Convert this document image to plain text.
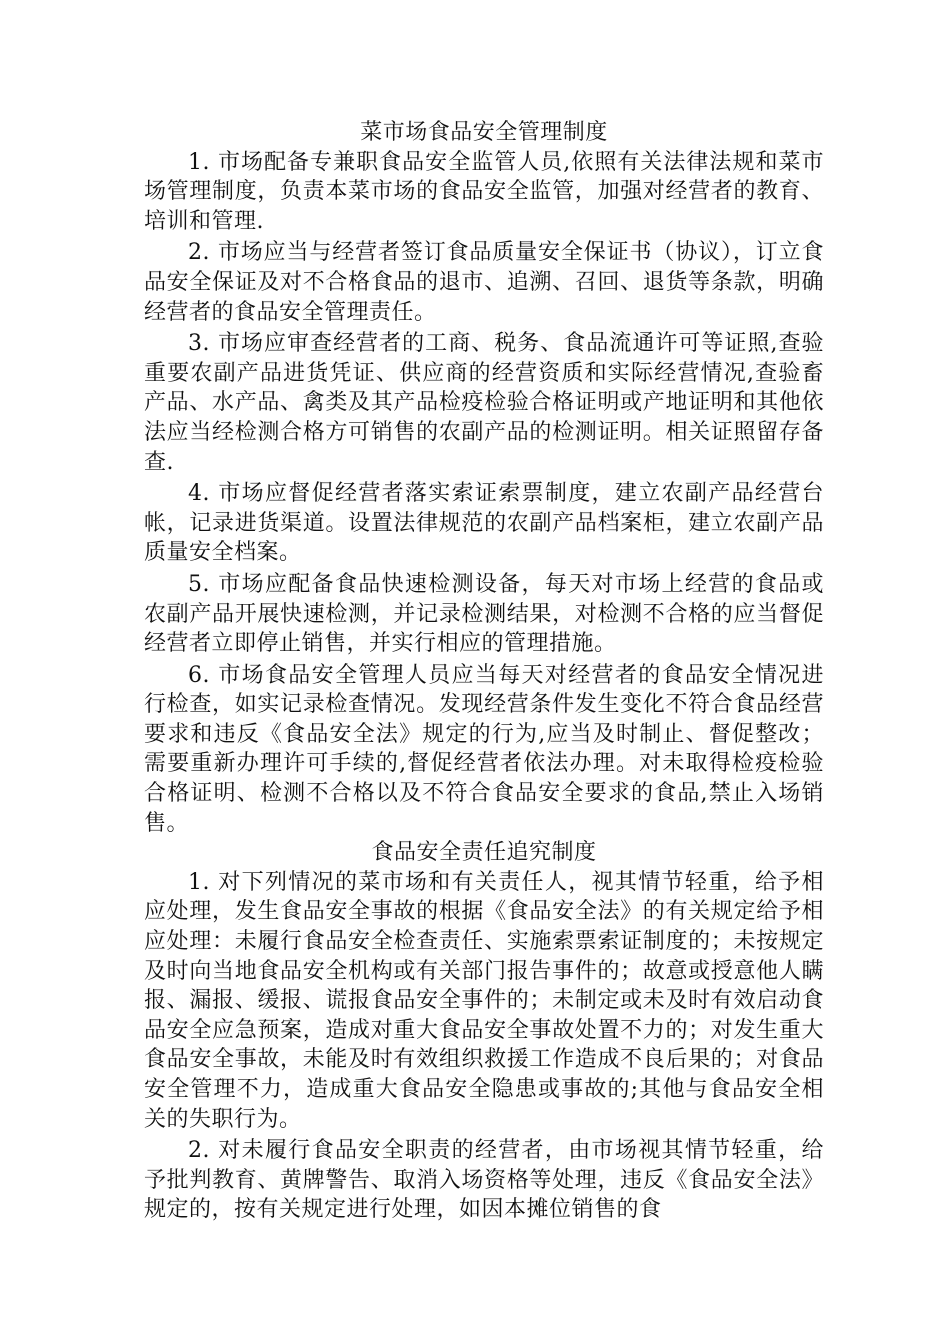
菜市场食品安全管理制度

1. 市场配备专兼职食品安全监管人员,依照有关法律法规和菜市场管理制度，负责本菜市场的食品安全监管，加强对经营者的教育、培训和管理.

2. 市场应当与经营者签订食品质量安全保证书（协议），订立食品安全保证及对不合格食品的退市、追溯、召回、退货等条款，明确经营者的食品安全管理责任。

3. 市场应审查经营者的工商、税务、食品流通许可等证照,查验重要农副产品进货凭证、供应商的经营资质和实际经营情况,查验畜产品、水产品、禽类及其产品检疫检验合格证明或产地证明和其他依法应当经检测合格方可销售的农副产品的检测证明。相关证照留存备查.

4. 市场应督促经营者落实索证索票制度，建立农副产品经营台帐，记录进货渠道。设置法律规范的农副产品档案柜，建立农副产品质量安全档案。

5. 市场应配备食品快速检测设备，每天对市场上经营的食品或农副产品开展快速检测，并记录检测结果，对检测不合格的应当督促经营者立即停止销售，并实行相应的管理措施。

6. 市场食品安全管理人员应当每天对经营者的食品安全情况进行检查，如实记录检查情况。发现经营条件发生变化不符合食品经营要求和违反《食品安全法》规定的行为,应当及时制止、督促整改；需要重新办理许可手续的,督促经营者依法办理。对未取得检疫检验合格证明、检测不合格以及不符合食品安全要求的食品,禁止入场销售。

食品安全责任追究制度

1. 对下列情况的菜市场和有关责任人，视其情节轻重，给予相应处理，发生食品安全事故的根据《食品安全法》的有关规定给予相应处理：未履行食品安全检查责任、实施索票索证制度的；未按规定及时向当地食品安全机构或有关部门报告事件的；故意或授意他人瞒报、漏报、缓报、谎报食品安全事件的；未制定或未及时有效启动食品安全应急预案，造成对重大食品安全事故处置不力的；对发生重大食品安全事故，未能及时有效组织救援工作造成不良后果的；对食品安全管理不力，造成重大食品安全隐患或事故的;其他与食品安全相关的失职行为。

2. 对未履行食品安全职责的经营者，由市场视其情节轻重，给予批判教育、黄牌警告、取消入场资格等处理，违反《食品安全法》规定的，按有关规定进行处理，如因本摊位销售的食
